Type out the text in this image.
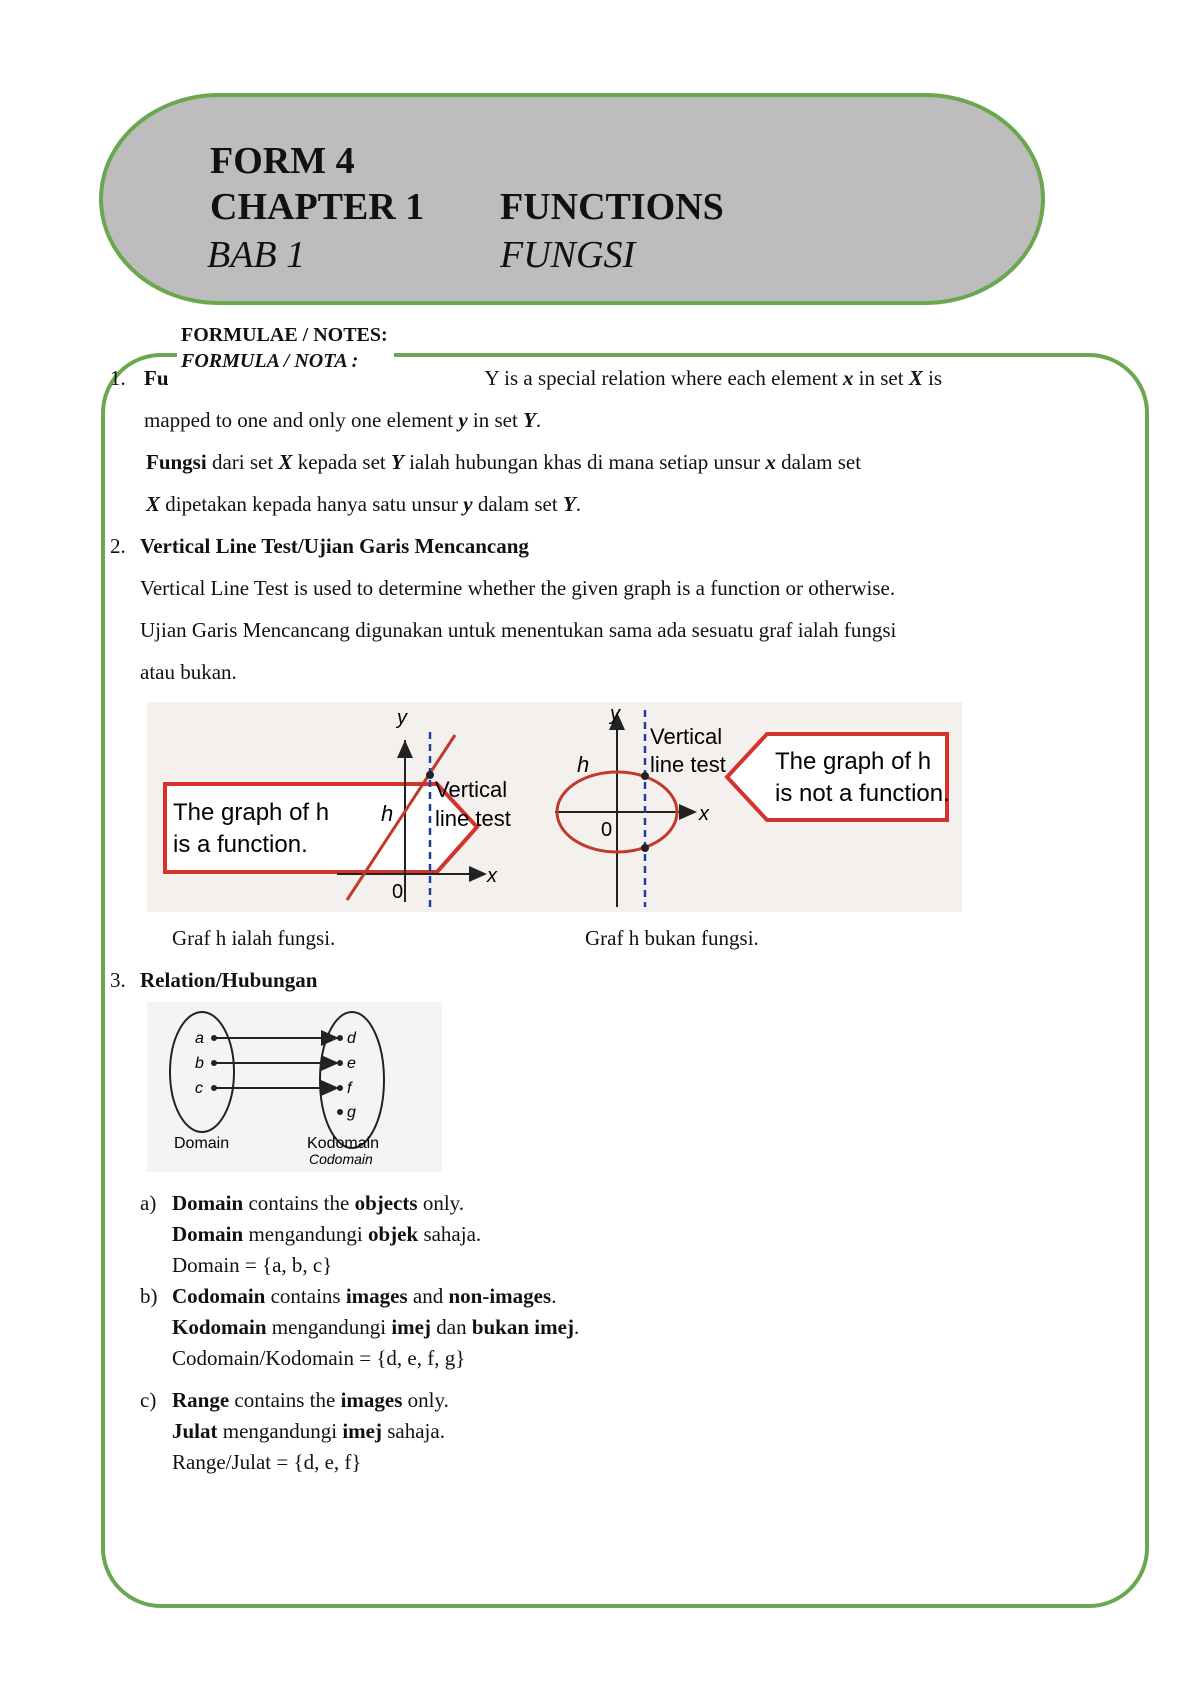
FORM 4
CHAPTER 1 FUNCTIONS
BAB 1	FUNGSI
1. Fu	Y is a special relation where each element x in set X is
mapped to one and only one element y in set Y.
Fungsi dari set X kepada set Y ialah hubungan khas di mana setiap unsur x dalam set
X dipetakan kepada hanya satu unsur y dalam set Y.
FORMULAE / NOTES:
FORMULA / NOTA :
2. Vertical Line Test/Ujian Garis Mencancang
Vertical Line Test is used to determine whether the given graph is a function or otherwise.
Ujian Garis Mencancang digunakan untuk menentukan sama ada sesuatu graf ialah fungsi
atau bukan.
The graph of h
is a function.
y
x
0
h
Vertical
line test
y
x
0
h
Vertical
line test The graph of h
is not a function.
Graf h ialah fungsi.	Graf h bukan fungsi.
3. Relation/Hubungan
a
b
c
d
e
f
g
Domain	Kodomain
Codomain
a) Domain contains the objects only.
Domain mengandungi objek sahaja.
Domain = {a, b, c}
b) Codomain contains images and non-images.
Kodomain mengandungi imej dan bukan imej.
Codomain/Kodomain = {d, e, f, g}
c) Range contains the images only.
Julat mengandungi imej sahaja.
Range/Julat = {d, e, f}
